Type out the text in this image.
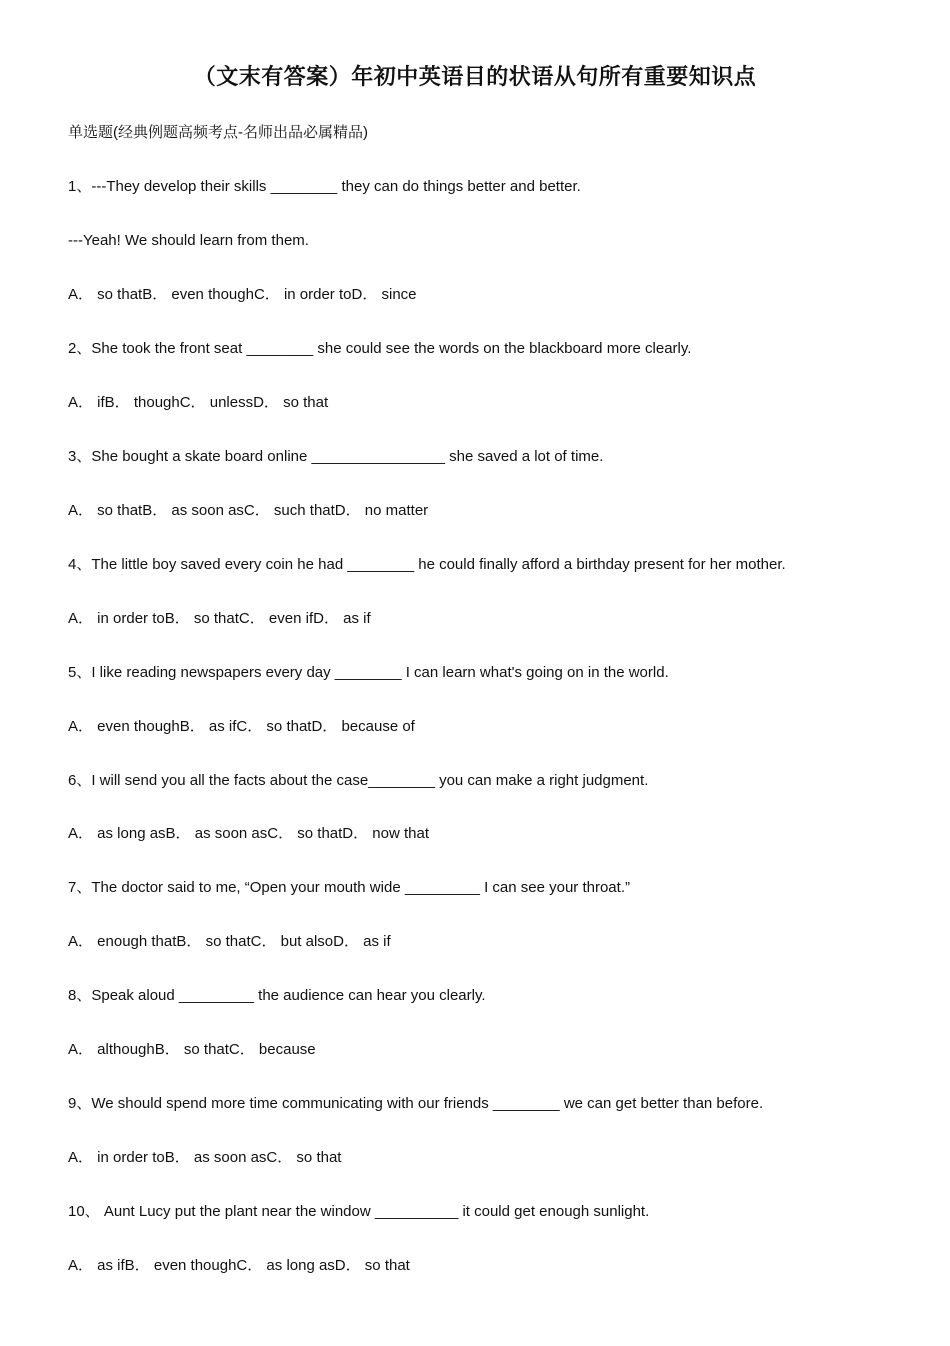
（文末有答案）年初中英语目的状语从句所有重要知识点
单选题(经典例题高频考点-名师出品必属精品)
1、---They develop their skills ________ they can do things better and better.
---Yeah! We should learn from them.
A． so thatB． even thoughC． in order toD． since
2、She took the front seat ________ she could see the words on the blackboard more clearly.
A． ifB． thoughC． unlessD． so that
3、She bought a skate board online ________________ she saved a lot of time.
A． so thatB． as soon asC． such thatD． no matter
4、The little boy saved every coin he had ________ he could finally afford a birthday present for her mother.
A． in order toB． so thatC． even ifD． as if
5、I like reading newspapers every day ________ I can learn what's going on in the world.
A． even thoughB． as ifC． so thatD． because of
6、I will send you all the facts about the case________ you can make a right judgment.
A． as long asB． as soon asC． so thatD． now that
7、The doctor said to me, “Open your mouth wide _________ I can see your throat.”
A． enough thatB． so thatC． but alsoD． as if
8、Speak aloud _________ the audience can hear you clearly.
A． althoughB． so thatC． because
9、We should spend more time communicating with our friends ________ we can get better than before.
A． in order toB． as soon asC． so that
10、 Aunt Lucy put the plant near the window __________ it could get enough sunlight.
A． as ifB． even thoughC． as long asD． so that
